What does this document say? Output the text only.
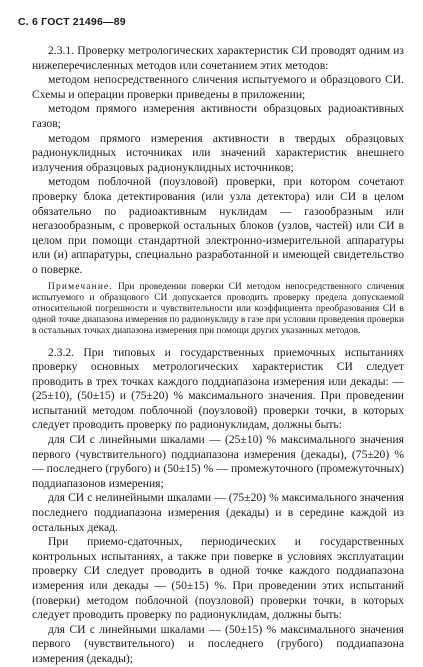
С. 6 ГОСТ 21496—89

2.3.1. Проверку метрологических характеристик СИ проводят одним из нижеперечисленных методов или сочетанием этих методов:

методом непосредственного сличения испытуемого и образцового СИ. Схемы и операции проверки приведены в приложении;

методом прямого измерения активности образцовых радиоактивных газов;

методом прямого измерения активности в твердых образцовых радионуклидных источниках или значений характеристик внешнего излучения образцовых радионуклидных источников;

методом поблочной (поузловой) проверки, при котором сочетают проверку блока детектирования (или узла детектора) или СИ в целом обязательно по радиоактивным нуклидам — газообразным или негазообразным, с проверкой остальных блоков (узлов, частей) или СИ в целом при помощи стандартной электронно-измерительной аппаратуры или (и) аппаратуры, специально разработанной и имеющей свидетельство о поверке.

Примечание. При проведении поверки СИ методом непосредственного сличения испытуемого и образцового СИ допускается проводить проверку предела допускаемой относительной погрешности и чувствительности или коэффициента преобразования СИ в одной точке диапазона измерения по радионуклиду в газе при условии проведения проверки в остальных точках диапазона измерения при помощи других указанных методов.

2.3.2. При типовых и государственных приемочных испытаниях проверку основных метрологических характеристик СИ следует проводить в трех точках каждого поддиапазона измерения или декады: — (25±10), (50±15) и (75±20) % максимального значения. При проведении испытаний методом поблочной (поузловой) проверки точки, в которых следует проводить проверку по радионуклидам, должны быть:

для СИ с линейными шкалами — (25±10) % максимального значения первого (чувствительного) поддиапазона измерения (декады), (75±20) % — последнего (грубого) и (50±15) % — промежуточного (промежуточных) поддиапазонов измерения;

для СИ с нелинейными шкалами — (75±20) % максимального значения последнего поддиапазона измерения (декады) и в середине каждой из остальных декад.

При приемо-сдаточных, периодических и государственных контрольных испытаниях, а также при поверке в условиях эксплуатации проверку СИ следует проводить в одной точке каждого поддиапазона измерения или декады — (50±15) %. При проведении этих испытаний (поверки) методом поблочной (поузловой) проверки точки, в которых следует проводить проверку по радионуклидам, должны быть:

для СИ с линейными шкалами — (50±15) % максимального значения первого (чувствительного) и последнего (грубого) поддиапазона измерения (декады);
